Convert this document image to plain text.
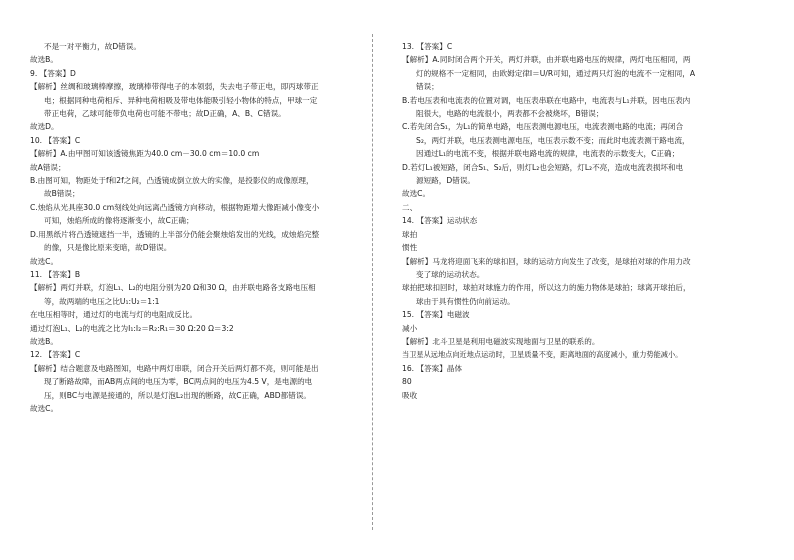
不是一对平衡力，故D错误。
故选B。
9. 【答案】D
【解析】丝绸和玻璃棒摩擦，玻璃棒带得电子的本领弱，失去电子带正电，即丙球带正
电；根据同种电荷相斥、异种电荷相吸及带电体能吸引轻小物体的特点，甲球一定
带正电荷，乙球可能带负电荷也可能不带电；故D正确，A、B、C错误。
故选D。
10. 【答案】C
【解析】A.由甲图可知该透镜焦距为40.0 cm－30.0 cm＝10.0 cm
故A错误；
B.由图可知，物距处于f和2f之间，凸透镜成倒立放大的实像，是投影仪的成像原理，
故B错误；
C.烛焰从光具座30.0 cm刻线处向远离凸透镜方向移动，根据物距增大像距减小像变小
可知，烛焰所成的像将逐渐变小，故C正确；
D.用黑纸片将凸透镜遮挡一半，透镜的上半部分仍能会聚烛焰发出的光线，成烛焰完整
的像，只是像比原来变暗，故D错误。
故选C。
11. 【答案】B
【解析】两灯并联，灯泡L₁、L₂的电阻分别为20 Ω和30 Ω，由并联电路各支路电压相
等，故两端的电压之比U₁:U₂＝1:1
在电压相等时，通过灯的电流与灯的电阻成反比。
通过灯泡L₁、L₂的电流之比为I₁:I₂＝R₂:R₁＝30 Ω:20 Ω＝3:2
故选B。
12. 【答案】C
【解析】结合题意及电路图知，电路中两灯串联，闭合开关后两灯都不亮，则可能是出
现了断路故障，而AB两点间的电压为零，BC两点间的电压为4.5 V，是电源的电
压，则BC与电源是接通的，所以是灯泡L₂出现的断路，故C正确，ABD都错误。
故选C。
13. 【答案】C
【解析】A.同时闭合两个开关，两灯并联，由并联电路电压的规律，两灯电压相同，两
灯的规格不一定相同，由欧姆定律I＝U/R可知，通过两只灯泡的电流不一定相同，A
错误；
B.若电压表和电流表的位置对调，电压表串联在电路中，电流表与L₁并联，因电压表内
阻很大，电路的电流很小，两表都不会被烧坏，B错误；
C.若先闭合S₁，为L₁的简单电路，电压表测电源电压，电流表测电路的电流；再闭合
S₂，两灯并联，电压表测电源电压，电压表示数不变；而此时电流表测干路电流，
因通过L₁的电流不变，根据并联电路电流的规律，电流表的示数变大，C正确；
D.若灯L₁被短路，闭合S₁、S₂后，则灯L₂也会短路，灯L₂不亮，造成电流表损坏和电
源短路，D错误。
故选C。
二、
14. 【答案】运动状态
球拍
惯性
【解析】马龙将迎面飞来的球扣回，球的运动方向发生了改变，是球拍对球的作用力改
变了球的运动状态。
球拍把球扣回时，球拍对球施力的作用，所以这力的施力物体是球拍；球离开球拍后，
球由于具有惯性仍向前运动。
15. 【答案】电磁波
减小
【解析】北斗卫星是利用电磁波实现地面与卫星的联系的。
当卫星从远地点向近地点运动时，卫星质量不变，距离地面的高度减小，重力势能减小。
16. 【答案】晶体
80
吸收
